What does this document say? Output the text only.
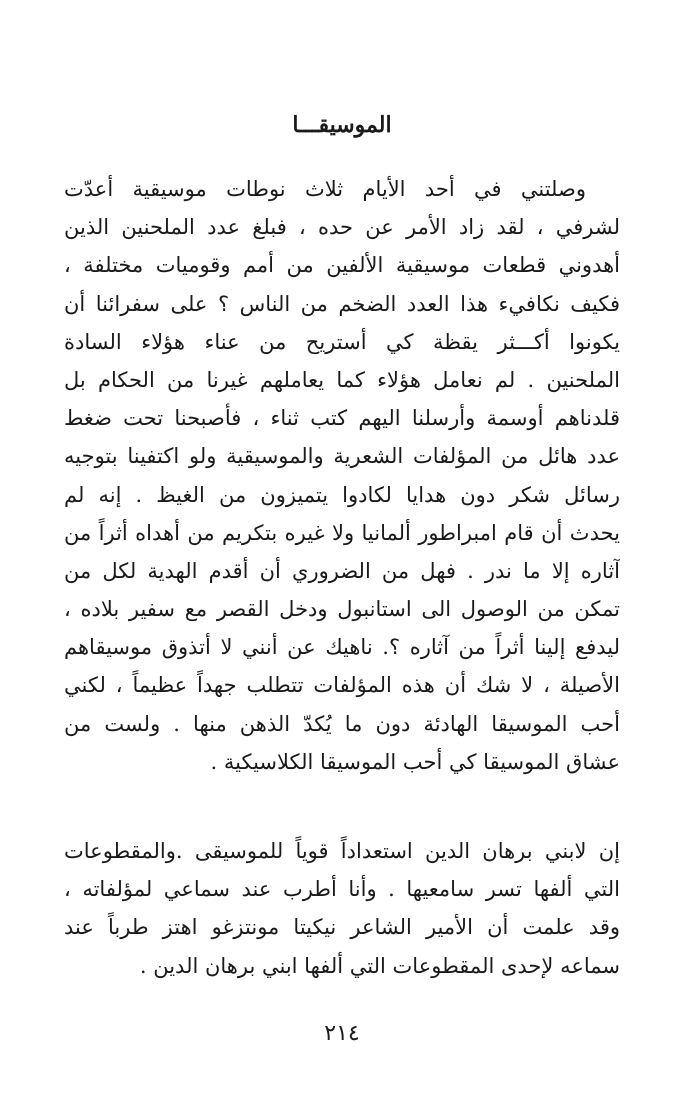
الموسيقـــا
وصلتني في أحد الأيام ثلاث نوطات موسيقية أعدّت
لشرفي ، لقد زاد الأمر عن حده ، فبلغ عدد الملحنين الذين
أهدوني قطعات موسيقية الألفين من أمم وقوميات مختلفة ،
فكيف نكافيء هذا العدد الضخم من الناس ؟ على سفرائنا أن
يكونوا أكـــثر يقظة كي أستريح من عناء هؤلاء السادة
الملحنين . لم نعامل هؤلاء كما يعاملهم غيرنا من الحكام بل
قلدناهم أوسمة وأرسلنا اليهم كتب ثناء ، فأصبحنا تحت ضغط
عدد هائل من المؤلفات الشعرية والموسيقية ولو اكتفينا بتوجيه
رسائل شكر دون هدايا لكادوا يتميزون من الغيظ . إنه لم
يحدث أن قام امبراطور ألمانيا ولا غيره بتكريم من أهداه أثراً من
آثاره إلا ما ندر . فهل من الضروري أن أقدم الهدية لكل من
تمكن من الوصول الى استانبول ودخل القصر مع سفير بلاده ،
ليدفع إلينا أثراً من آثاره ؟. ناهيك عن أنني لا أتذوق موسيقاهم
الأصيلة ، لا شك أن هذه المؤلفات تتطلب جهداً عظيماً ، لكني
أحب الموسيقا الهادئة دون ما يُكدّ الذهن منها . ولست من
عشاق الموسيقا كي أحب الموسيقا الكلاسيكية .
إن لابني برهان الدين استعداداً قوياً للموسيقى .والمقطوعات
التي ألفها تسر سامعيها . وأنا أطرب عند سماعي لمؤلفاته ،
وقد علمت أن الأمير الشاعر نيكيتا مونتزغو اهتز طرباً عند
سماعه لإحدى المقطوعات التي ألفها ابني برهان الدين .
٢١٤
